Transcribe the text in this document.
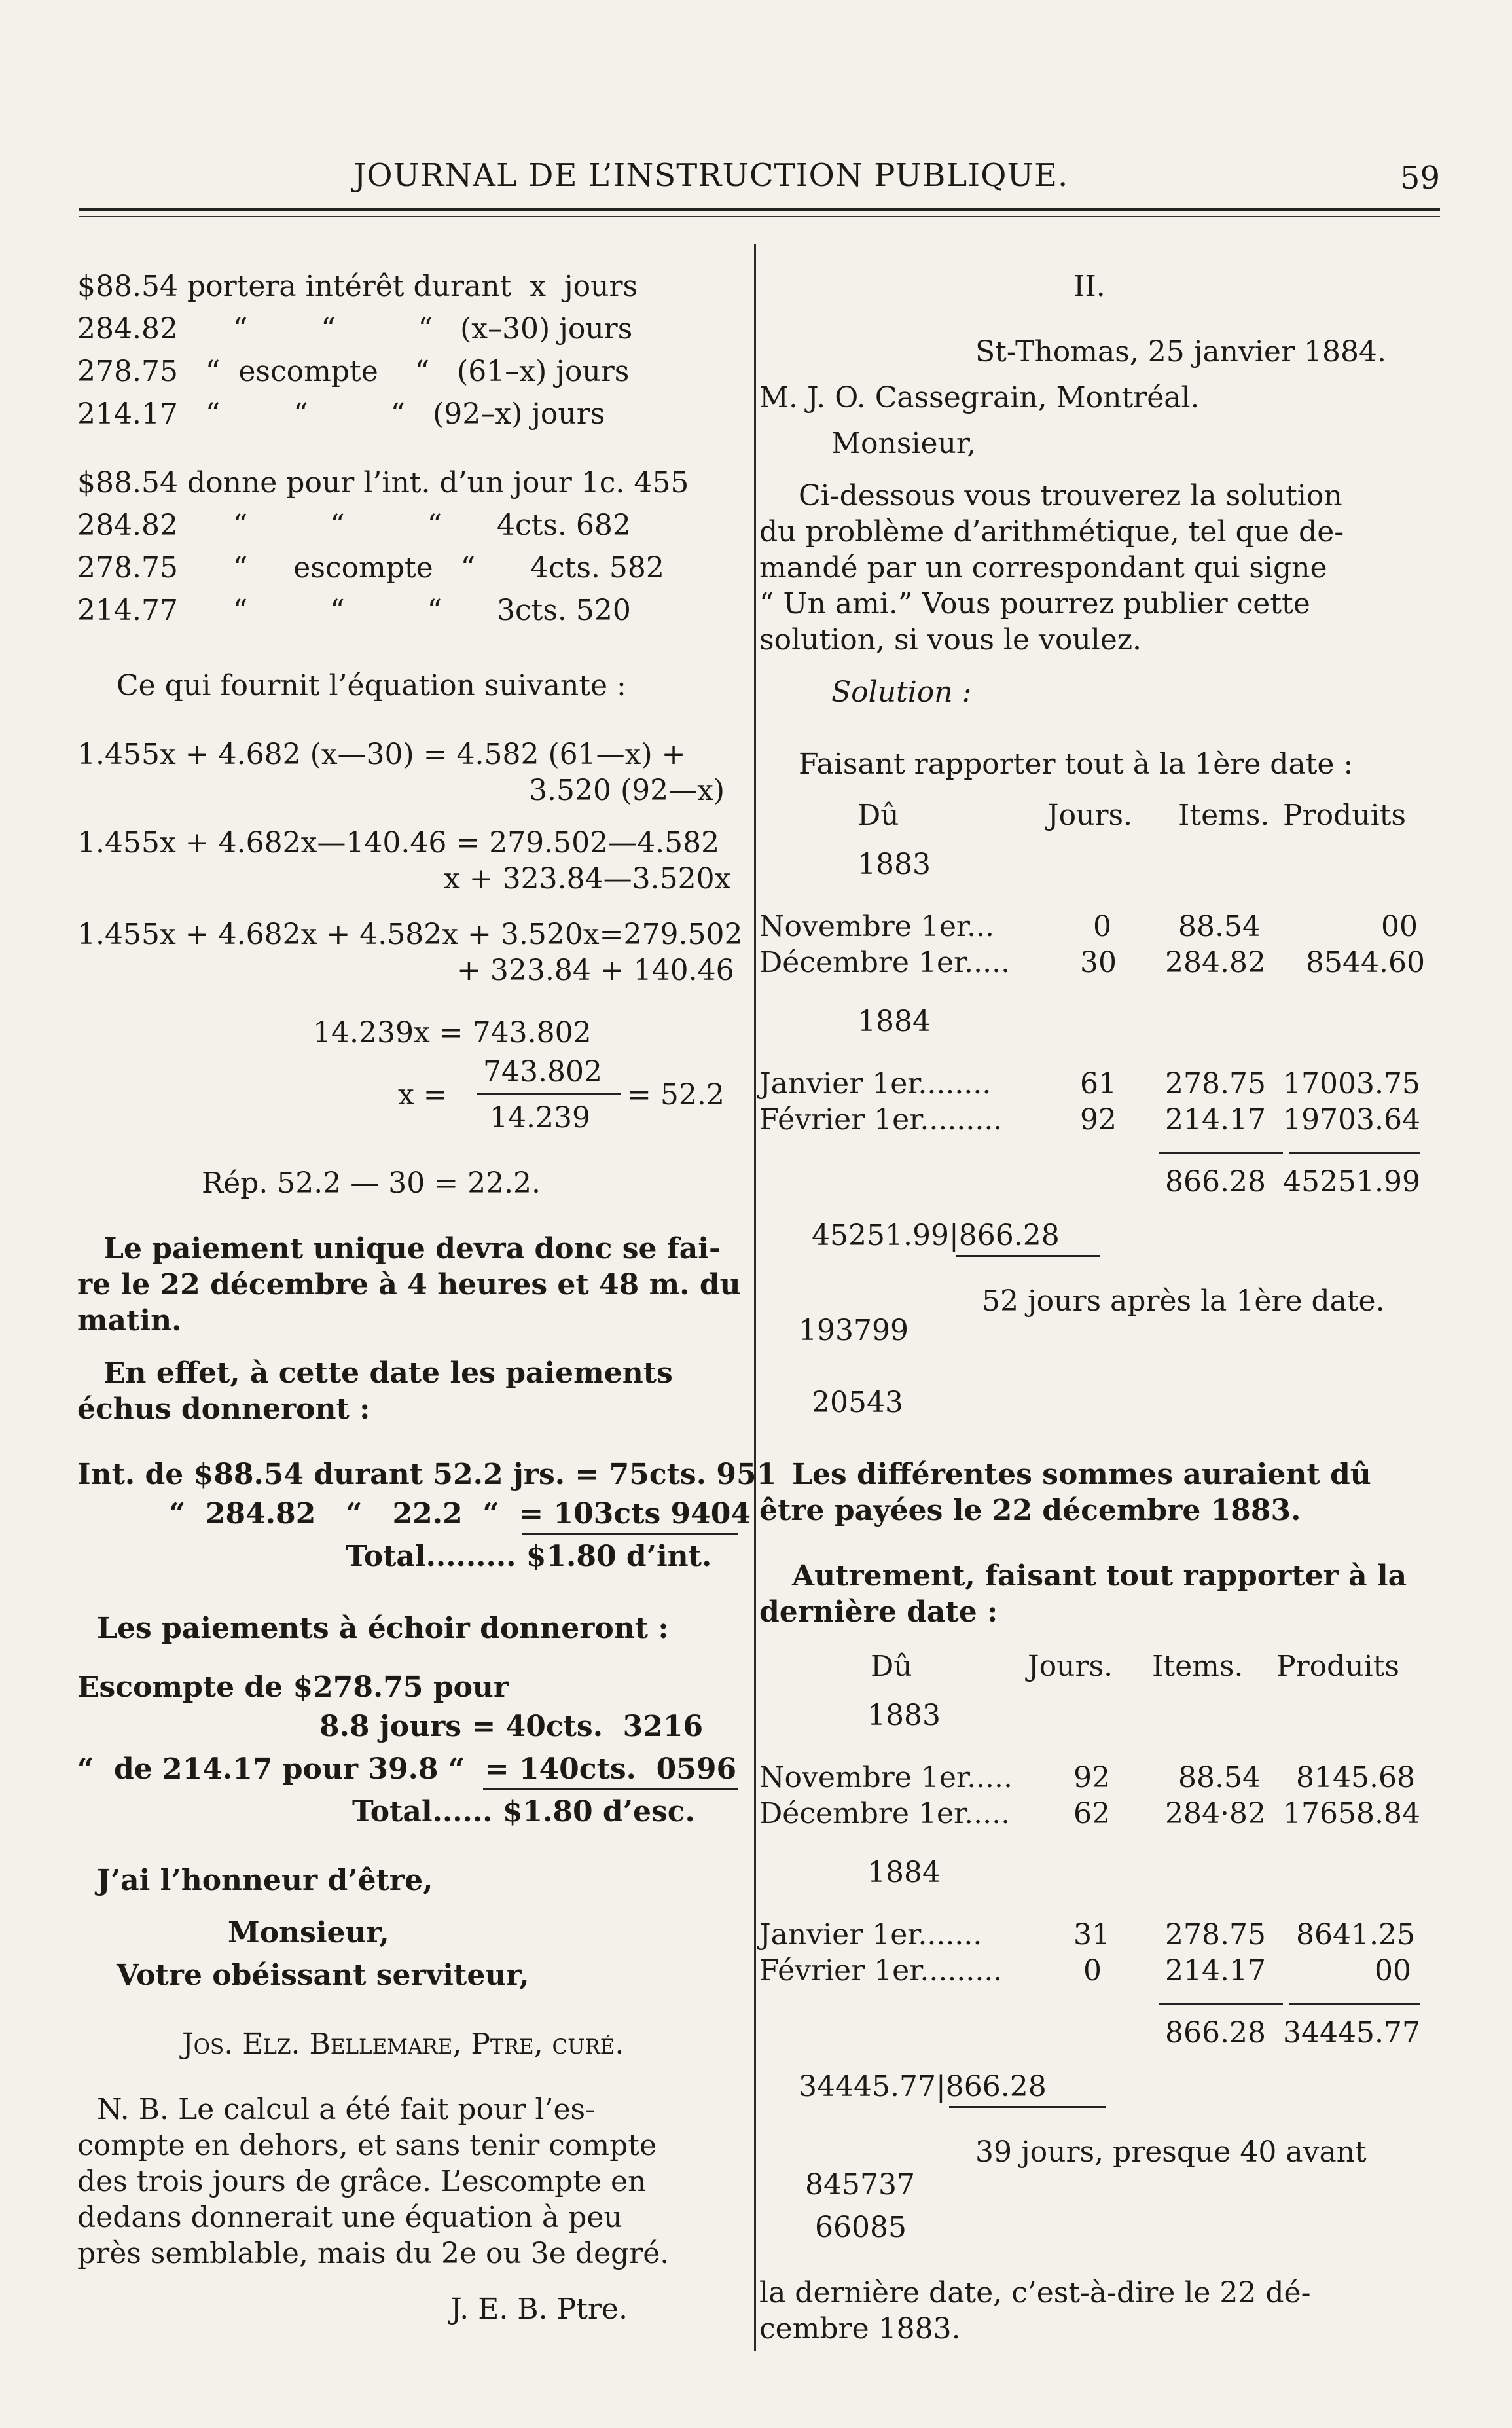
JOURNAL DE L’INSTRUCTION PUBLIQUE.	59
$88.54 portera intérêt durant  x  jours
284.82      “        “         “   (x–30) jours
278.75   “  escompte    “   (61–x) jours
214.17   “        “         “   (92–x) jours
$88.54 donne pour l’int. d’un jour 1c. 455
284.82      “         “         “      4cts. 682
278.75      “     escompte   “      4cts. 582
214.77      “         “         “      3cts. 520
Ce qui fournit l’équation suivante :
1.455x + 4.682 (x—30) = 4.582 (61—x) +
3.520 (92—x)
1.455x + 4.682x—140.46 = 279.502—4.582
x + 323.84—3.520x
1.455x + 4.682x + 4.582x + 3.520x=279.502
+ 323.84 + 140.46
14.239x = 743.802
x =
743.802
14.239
= 52.2
Rép. 52.2 — 30 = 22.2.
Le paiement unique devra donc se fai-
re le 22 décembre à 4 heures et 48 m. du
matin.
En effet, à cette date les paiements
échus donneront :
Int. de $88.54 durant 52.2 jrs. = 75cts. 951
“  284.82   “   22.2  “  = 103cts 9404
Total......... $1.80 d’int.
Les paiements à échoir donneront :
Escompte de $278.75 pour
8.8 jours = 40cts.  3216
“  de 214.17 pour 39.8 “  = 140cts.  0596
Total...... $1.80 d’esc.
J’ai l’honneur d’être,
Monsieur,
Votre obéissant serviteur,
Jos. Elz. Bellemare, Ptre, curé.
N. B. Le calcul a été fait pour l’es-
compte en dehors, et sans tenir compte
des trois jours de grâce. L’escompte en
dedans donnerait une équation à peu
près semblable, mais du 2e ou 3e degré.
J. E. B. Ptre.
II.
St-Thomas, 25 janvier 1884.
M. J. O. Cassegrain, Montréal.
Monsieur,
Ci-dessous vous trouverez la solution
du problème d’arithmétique, tel que de-
mandé par un correspondant qui signe
“ Un ami.” Vous pourrez publier cette
solution, si vous le voulez.
Solution :
Faisant rapporter tout à la 1ère date :
Dû	Jours. Items. Produits
1883
Novembre 1er...	0 88.54	00
Décembre 1er..... 30 284.82 8544.60
1884
Janvier 1er........	61 278.75 17003.75
Février 1er.........	92 214.17 19703.64
866.28 45251.99
45251.99|866.28
52 jours après la 1ère date.
193799
20543
Les différentes sommes auraient dû
être payées le 22 décembre 1883.
Autrement, faisant tout rapporter à la
dernière date :
Dû	Jours. Items. Produits
1883
Novembre 1er..... 92 88.54 8145.68
Décembre 1er..... 62 284·82 17658.84
1884
Janvier 1er.......	31 278.75 8641.25
Février 1er.........	0 214.17	00
866.28 34445.77
34445.77|866.28
39 jours, presque 40 avant
845737
66085
la dernière date, c’est-à-dire le 22 dé-
cembre 1883.
